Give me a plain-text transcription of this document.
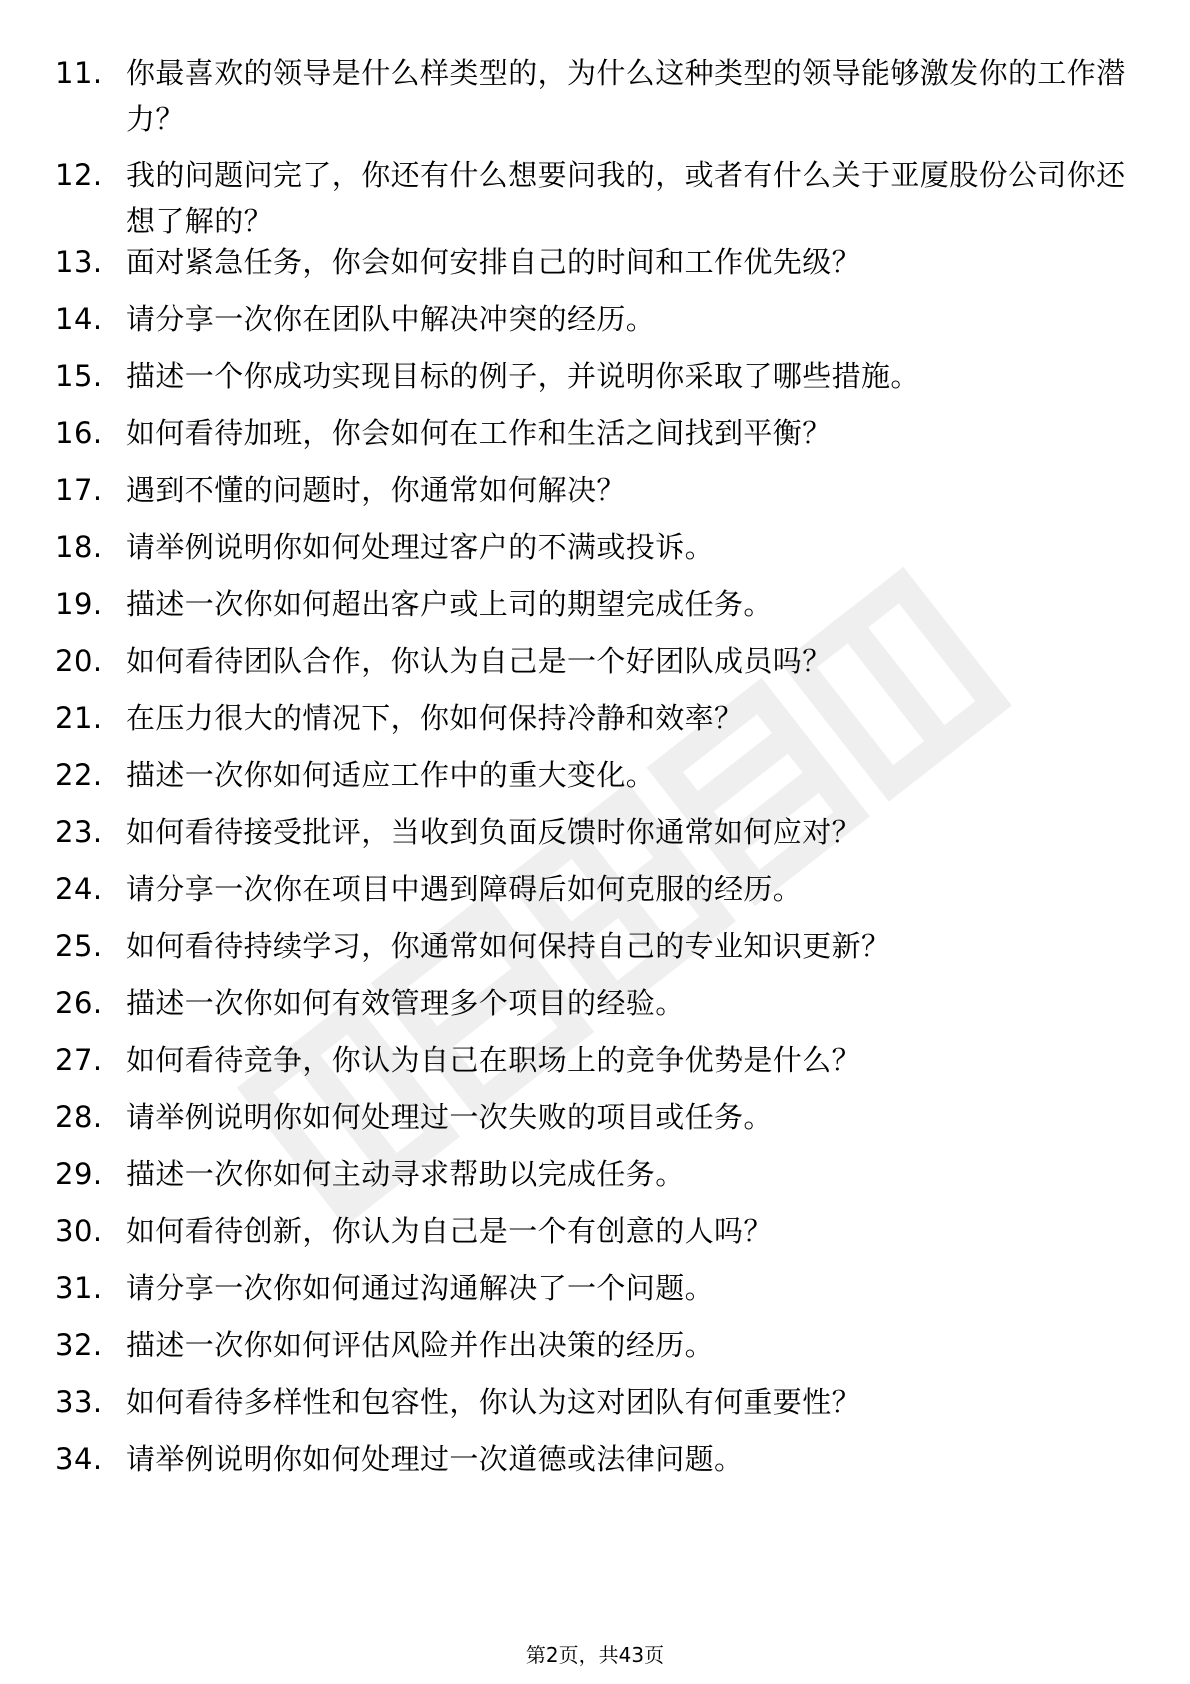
11. 你最喜欢的领导是什么样类型的，为什么这种类型的领导能够激发你的工作潜力？
12. 我的问题问完了，你还有什么想要问我的，或者有什么关于亚厦股份公司你还想了解的？
13. 面对紧急任务，你会如何安排自己的时间和工作优先级？
14. 请分享一次你在团队中解决冲突的经历。
15. 描述一个你成功实现目标的例子，并说明你采取了哪些措施。
16. 如何看待加班，你会如何在工作和生活之间找到平衡？
17. 遇到不懂的问题时，你通常如何解决？
18. 请举例说明你如何处理过客户的不满或投诉。
19. 描述一次你如何超出客户或上司的期望完成任务。
20. 如何看待团队合作，你认为自己是一个好团队成员吗？
21. 在压力很大的情况下，你如何保持冷静和效率？
22. 描述一次你如何适应工作中的重大变化。
23. 如何看待接受批评，当收到负面反馈时你通常如何应对？
24. 请分享一次你在项目中遇到障碍后如何克服的经历。
25. 如何看待持续学习，你通常如何保持自己的专业知识更新？
26. 描述一次你如何有效管理多个项目的经验。
27. 如何看待竞争，你认为自己在职场上的竞争优势是什么？
28. 请举例说明你如何处理过一次失败的项目或任务。
29. 描述一次你如何主动寻求帮助以完成任务。
30. 如何看待创新，你认为自己是一个有创意的人吗？
31. 请分享一次你如何通过沟通解决了一个问题。
32. 描述一次你如何评估风险并作出决策的经历。
33. 如何看待多样性和包容性，你认为这对团队有何重要性？
34. 请举例说明你如何处理过一次道德或法律问题。
第2页，共43页
